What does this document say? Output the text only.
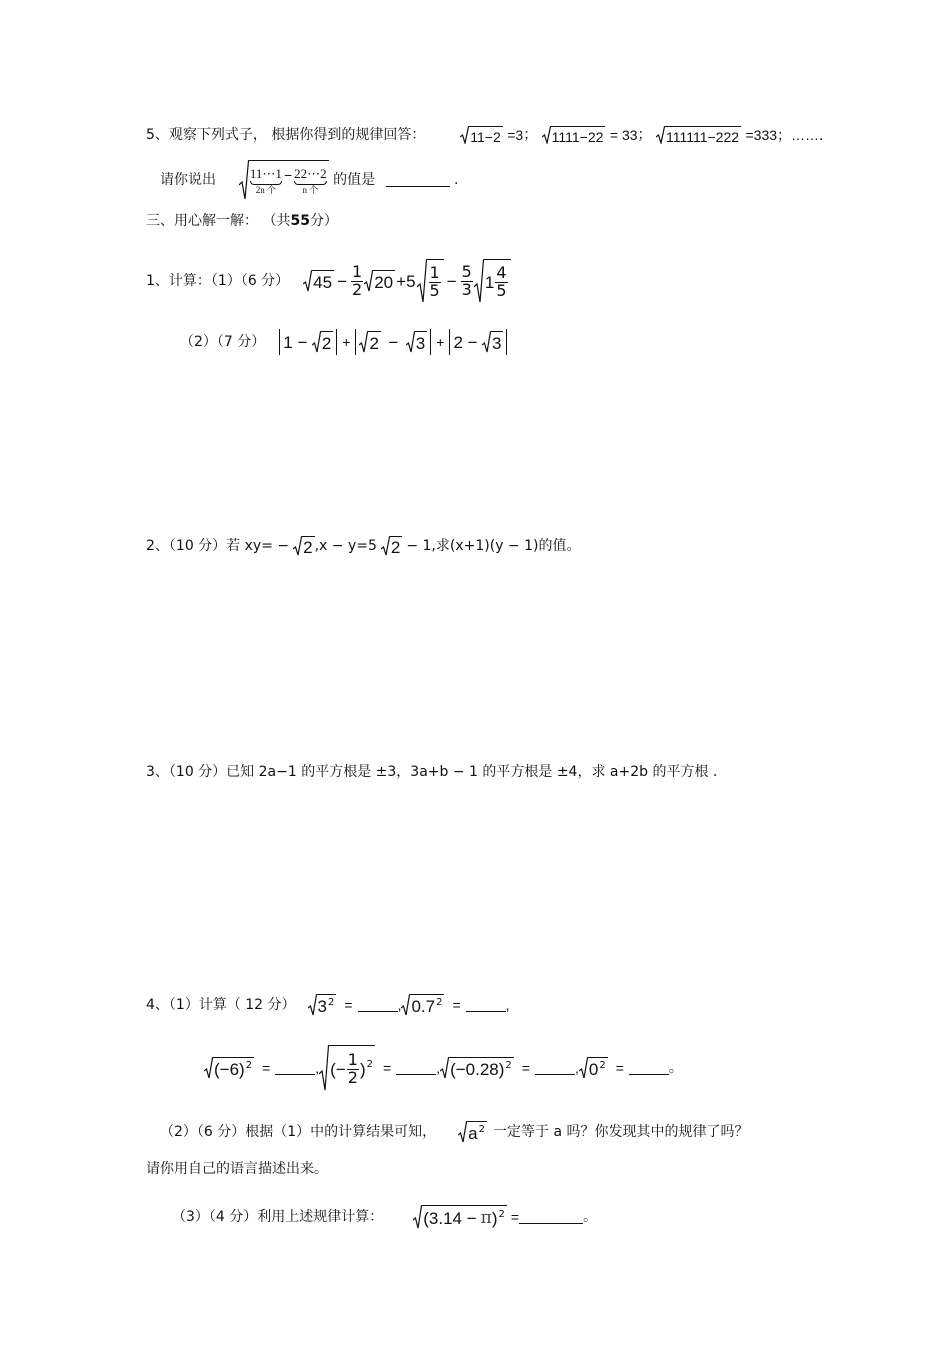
5、观察下列式子， 根据你得到的规律回答：	11−2 =3； 1111−22 = 33； 111111−222 =333；……．
请你说出	11⋯1
2n 个
− 22⋯2
n 个
的值是	.
三、用心解一解： （共55分）
1、计算：（1）（6 分） $45 - \frac{1}{2} 20 +5 \frac{1}{5} - \frac{5}{3} 1 \frac{4}{5}$
（2）（7 分） 1 − 2 + 2 − 3 + 2 − 3
2、（10 分）若 xy= − 2 ,x − y=5 2 − 1,求(x+1)(y − 1)的值。
3、（10 分）已知 2a−1 的平方根是 ±3，3a+b − 1 的平方根是 ±4，求 a+2b 的平方根 .
4、（1）计算（ 12 分） 3 2 =	, 0.7 2 =	,
(−6) 2 =	, (− $\frac{1}{2}$ ) 2 =	, (−0.28) 2 =	, 0 2 =	。
（2）（6 分）根据（1）中的计算结果可知， a 2 一定等于 a 吗？你发现其中的规律了吗？
请你用自己的语言描述出来。
（3）（4 分）利用上述规律计算： (3.14 − π ) 2 =	。
